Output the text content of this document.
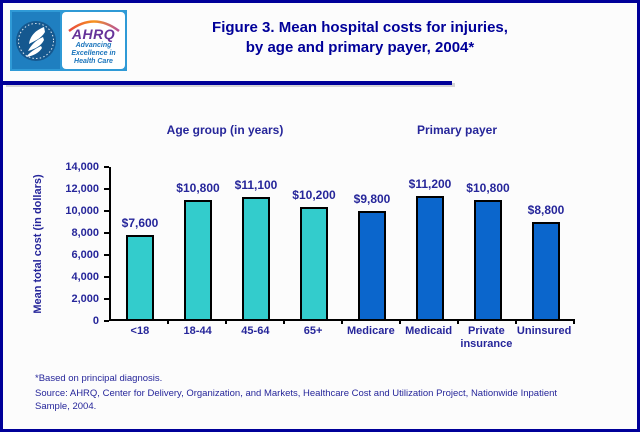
AHRQ
Advancing
Excellence in
Health Care
Figure 3. Mean hospital costs for injuries,
by age and primary payer, 2004*
Age group (in years)	Primary payer
Mean total cost (in dollars)
<18	18-44	45-64	65+	Medicare Medicaid	Private insurance
Uninsured
$7,600
$10,800	$11,100
$10,200	$9,800
$11,200	$10,800
$8,800
0
2,000
4,000
6,000
8,000
10,000
12,000
14,000
*Based on principal diagnosis.
Source: AHRQ, Center for Delivery, Organization, and Markets, Healthcare Cost and Utilization Project, Nationwide Inpatient Sample, 2004.
